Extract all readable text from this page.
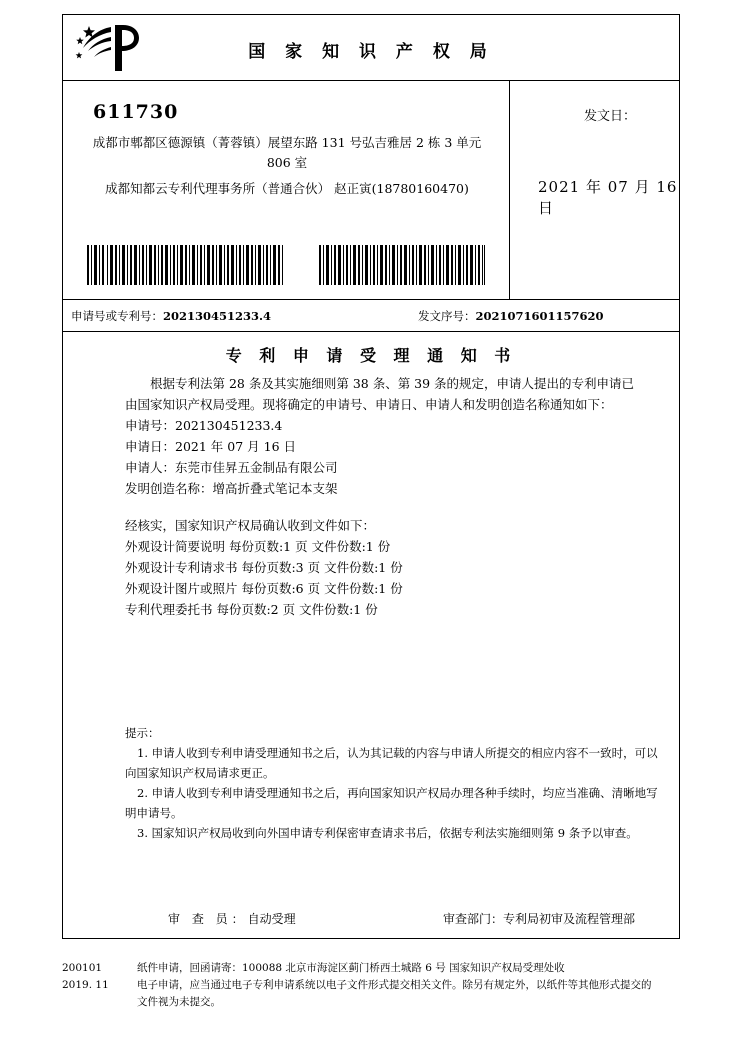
国 家 知 识 产 权 局
611730
成都市郫都区德源镇（菁蓉镇）展望东路 131 号弘吉雅居 2 栋 3 单元
806 室
成都知都云专利代理事务所（普通合伙） 赵正寅(18780160470)
发文日：
2021 年 07 月 16 日
申请号或专利号：202130451233.4	发文序号：2021071601157620
专 利 申 请 受 理 通 知 书
根据专利法第 28 条及其实施细则第 38 条、第 39 条的规定，申请人提出的专利申请已由国家知识产权局受理。现将确定的申请号、申请日、申请人和发明创造名称通知如下：
申请号：202130451233.4
申请日：2021 年 07 月 16 日
申请人：东莞市佳昇五金制品有限公司
发明创造名称：增高折叠式笔记本支架
经核实，国家知识产权局确认收到文件如下：
外观设计简要说明 每份页数:1 页 文件份数:1 份
外观设计专利请求书 每份页数:3 页 文件份数:1 份
外观设计图片或照片 每份页数:6 页 文件份数:1 份
专利代理委托书 每份页数:2 页 文件份数:1 份
提示：
1. 申请人收到专利申请受理通知书之后，认为其记载的内容与申请人所提交的相应内容不一致时，可以向国家知识产权局请求更正。
2. 申请人收到专利申请受理通知书之后，再向国家知识产权局办理各种手续时，均应当准确、清晰地写明申请号。
3. 国家知识产权局收到向外国申请专利保密审查请求书后，依据专利法实施细则第 9 条予以审查。
审 查 员：自动受理	审查部门：专利局初审及流程管理部
200101
2019. 11
纸件申请，回函请寄：100088 北京市海淀区蓟门桥西土城路 6 号 国家知识产权局受理处收
电子申请，应当通过电子专利申请系统以电子文件形式提交相关文件。除另有规定外，以纸件等其他形式提交的
文件视为未提交。
